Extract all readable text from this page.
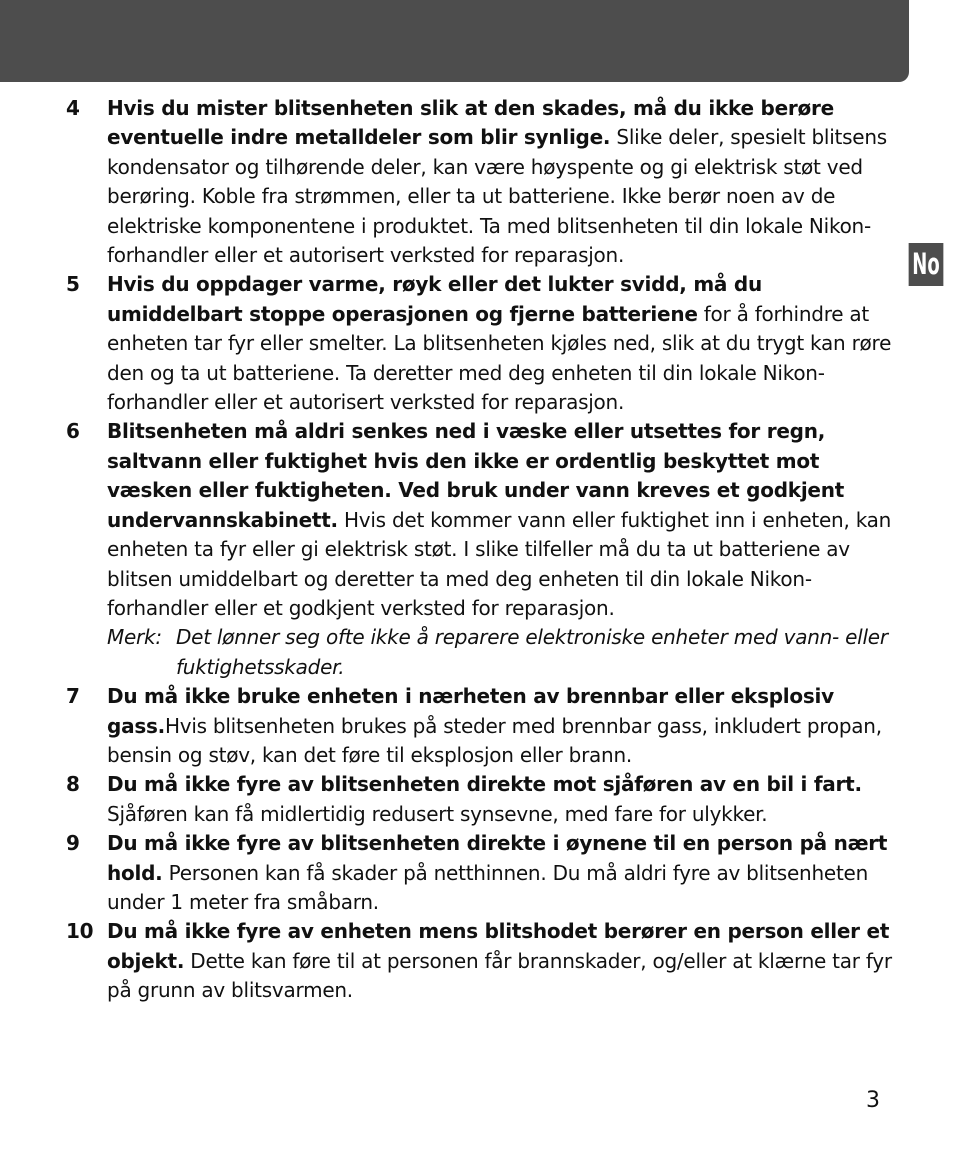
No
4	Hvis du mister blitsenheten slik at den skades, må du ikke berøre eventuelle indre metalldeler som blir synlige. Slike deler, spesielt blitsens kondensator og tilhørende deler, kan være høyspente og gi elektrisk støt ved berøring. Koble fra strømmen, eller ta ut batteriene. Ikke berør noen av de elektriske komponentene i produktet. Ta med blitsenheten til din lokale Nikon-forhandler eller et autorisert verksted for reparasjon.
5	Hvis du oppdager varme, røyk eller det lukter svidd, må du umiddelbart stoppe operasjonen og fjerne batteriene for å forhindre at enheten tar fyr eller smelter. La blitsenheten kjøles ned, slik at du trygt kan røre den og ta ut batteriene. Ta deretter med deg enheten til din lokale Nikon-forhandler eller et autorisert verksted for reparasjon.
6	Blitsenheten må aldri senkes ned i væske eller utsettes for regn, saltvann eller fuktighet hvis den ikke er ordentlig beskyttet mot væsken eller fuktigheten. Ved bruk under vann kreves et godkjent undervannskabinett. Hvis det kommer vann eller fuktighet inn i enheten, kan enheten ta fyr eller gi elektrisk støt. I slike tilfeller må du ta ut batteriene av blitsen umiddelbart og deretter ta med deg enheten til din lokale Nikon-forhandler eller et godkjent verksted for reparasjon.
Merk: Det lønner seg ofte ikke å reparere elektroniske enheter med vann- eller fuktighetsskader.
7	Du må ikke bruke enheten i nærheten av brennbar eller eksplosiv gass.Hvis blitsenheten brukes på steder med brennbar gass, inkludert propan, bensin og støv, kan det føre til eksplosjon eller brann.
8	Du må ikke fyre av blitsenheten direkte mot sjåføren av en bil i fart. Sjåføren kan få midlertidig redusert synsevne, med fare for ulykker.
9	Du må ikke fyre av blitsenheten direkte i øynene til en person på nært hold. Personen kan få skader på netthinnen. Du må aldri fyre av blitsenheten under 1 meter fra småbarn.
10 Du må ikke fyre av enheten mens blitshodet berører en person eller et objekt. Dette kan føre til at personen får brannskader, og/eller at klærne tar fyr på grunn av blitsvarmen.
3
